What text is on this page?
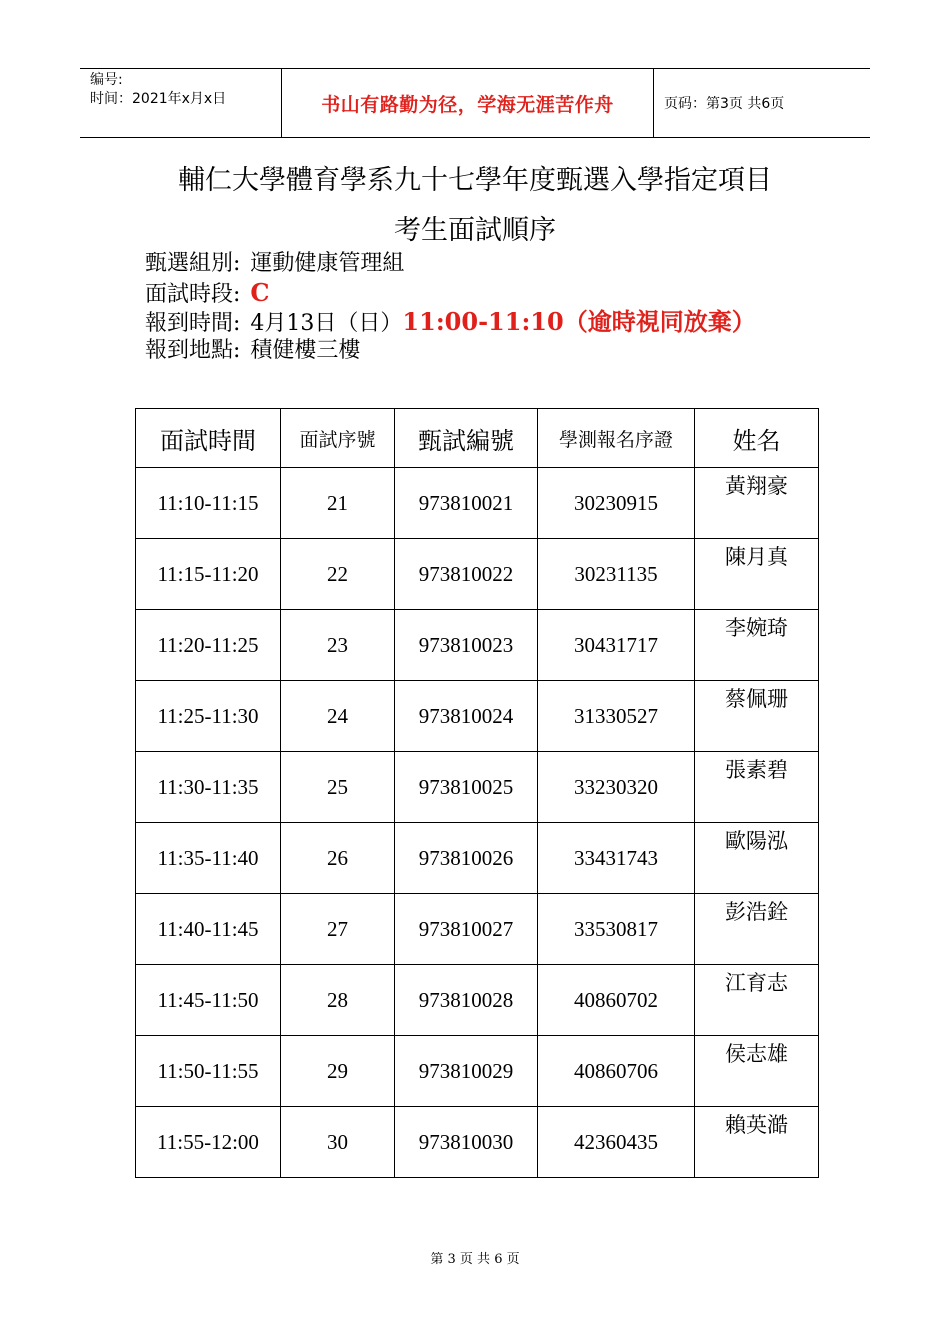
编号:
时间：2021年x月x日	书山有路勤为径，学海无涯苦作舟	页码：第3页 共6页
輔仁大學體育學系九十七學年度甄選入學指定項目
考生面試順序
甄選組別: 運動健康管理組
面試時段: C
報到時間: 4月13日（日）11:00-11:10（逾時視同放棄）
報到地點: 積健樓三樓
面試時間	面試序號	甄試編號	學測報名序證	姓名
11:10-11:15	21	973810021	30230915	黃翔豪
11:15-11:20	22	973810022	30231135	陳月真
11:20-11:25	23	973810023	30431717	李婉琦
11:25-11:30	24	973810024	31330527	蔡佩珊
11:30-11:35	25	973810025	33230320	張素碧
11:35-11:40	26	973810026	33431743	歐陽泓
11:40-11:45	27	973810027	33530817	彭浩銓
11:45-11:50	28	973810028	40860702	江育志
11:50-11:55	29	973810029	40860706	侯志雄
11:55-12:00	30	973810030	42360435	賴英澔
第 3 页 共 6 页
